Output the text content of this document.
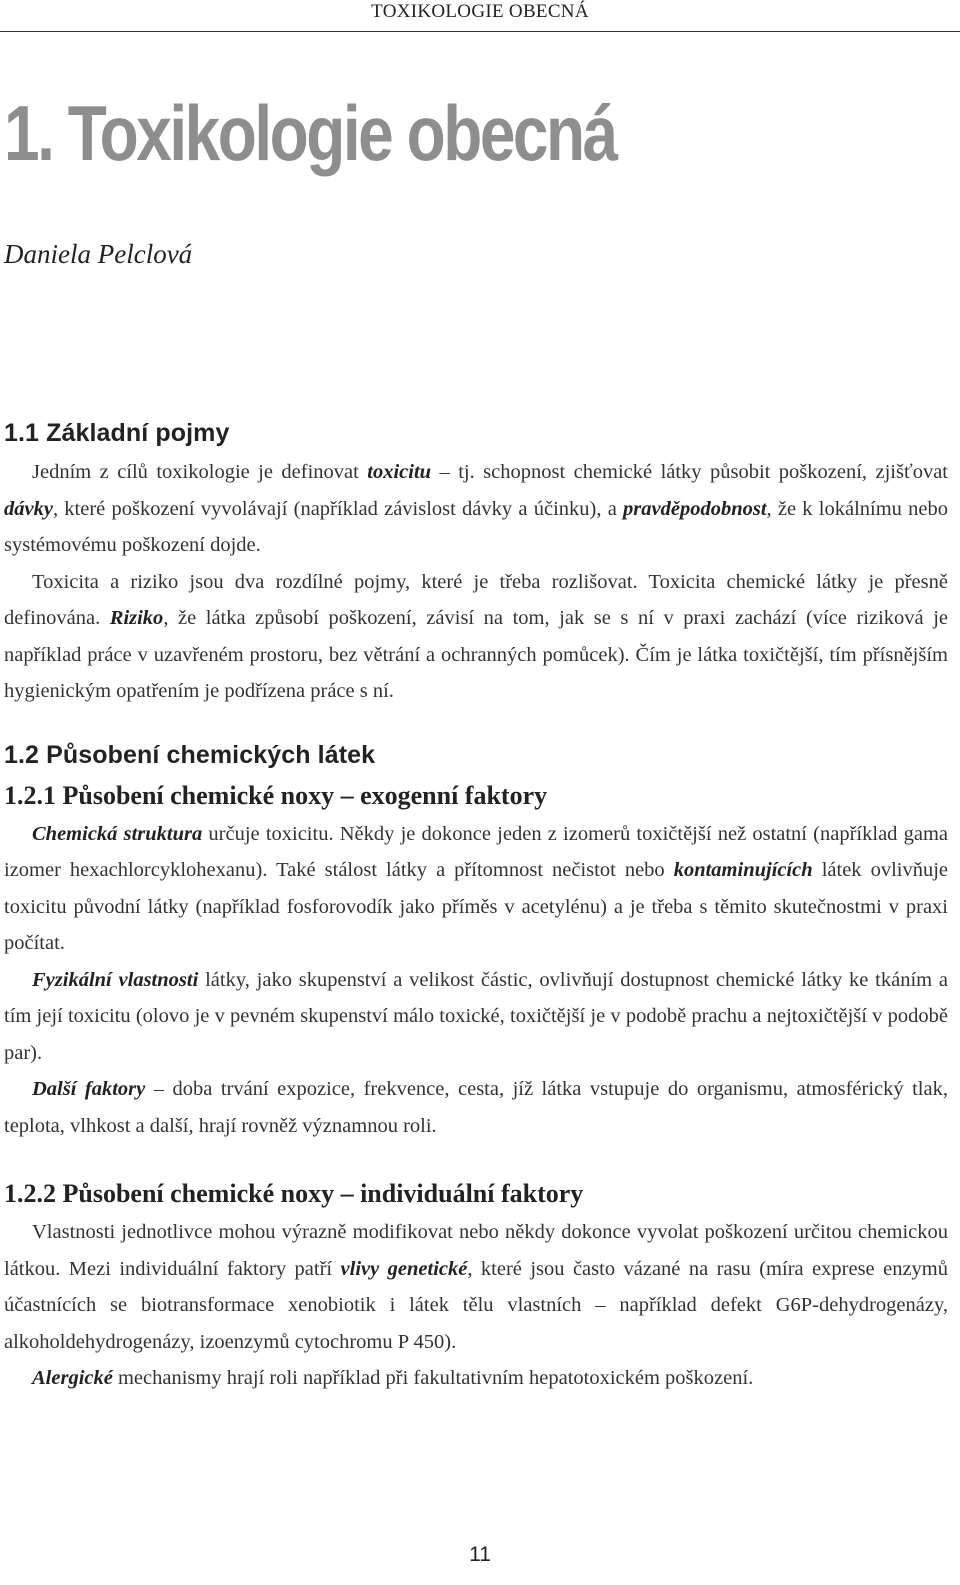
TOXIKOLOGIE OBECNÁ
1. Toxikologie obecná

Daniela Pelclová

1.1 Základní pojmy

Jedním z cílů toxikologie je definovat toxicitu – tj. schopnost chemické látky působit poškození, zjišťovat dávky, které poškození vyvolávají (například závislost dávky a účinku), a pravděpodobnost, že k lokálnímu nebo systémovému poškození dojde.

Toxicita a riziko jsou dva rozdílné pojmy, které je třeba rozlišovat. Toxicita chemické látky je přesně definována. Riziko, že látka způsobí poškození, závisí na tom, jak se s ní v praxi zachází (více riziková je například práce v uzavřeném prostoru, bez větrání a ochranných pomůcek). Čím je látka toxičtější, tím přísnějším hygienickým opatřením je podřízena práce s ní.

1.2 Působení chemických látek
1.2.1 Působení chemické noxy – exogenní faktory

Chemická struktura určuje toxicitu. Někdy je dokonce jeden z izomerů toxičtější než ostatní (například gama izomer hexachlorcyklohexanu). Také stálost látky a přítomnost nečistot nebo kontaminujících látek ovlivňuje toxicitu původní látky (například fosforovodík jako příměs v acetylénu) a je třeba s těmito skutečnostmi v praxi počítat.

Fyzikální vlastnosti látky, jako skupenství a velikost částic, ovlivňují dostupnost chemické látky ke tkáním a tím její toxicitu (olovo je v pevném skupenství málo toxické, toxičtější je v podobě prachu a nejtoxičtější v podobě par).

Další faktory – doba trvání expozice, frekvence, cesta, jíž látka vstupuje do organismu, atmosférický tlak, teplota, vlhkost a další, hrají rovněž významnou roli.

1.2.2 Působení chemické noxy – individuální faktory

Vlastnosti jednotlivce mohou výrazně modifikovat nebo někdy dokonce vyvolat poškození určitou chemickou látkou. Mezi individuální faktory patří vlivy genetické, které jsou často vázané na rasu (míra exprese enzymů účastnících se biotransformace xenobiotik i látek tělu vlastních – například defekt G6P-dehydrogenázy, alkoholdehydrogenázy, izoenzymů cytochromu P 450).

Alergické mechanismy hrají roli například při fakultativním hepatotoxickém poškození.

11
